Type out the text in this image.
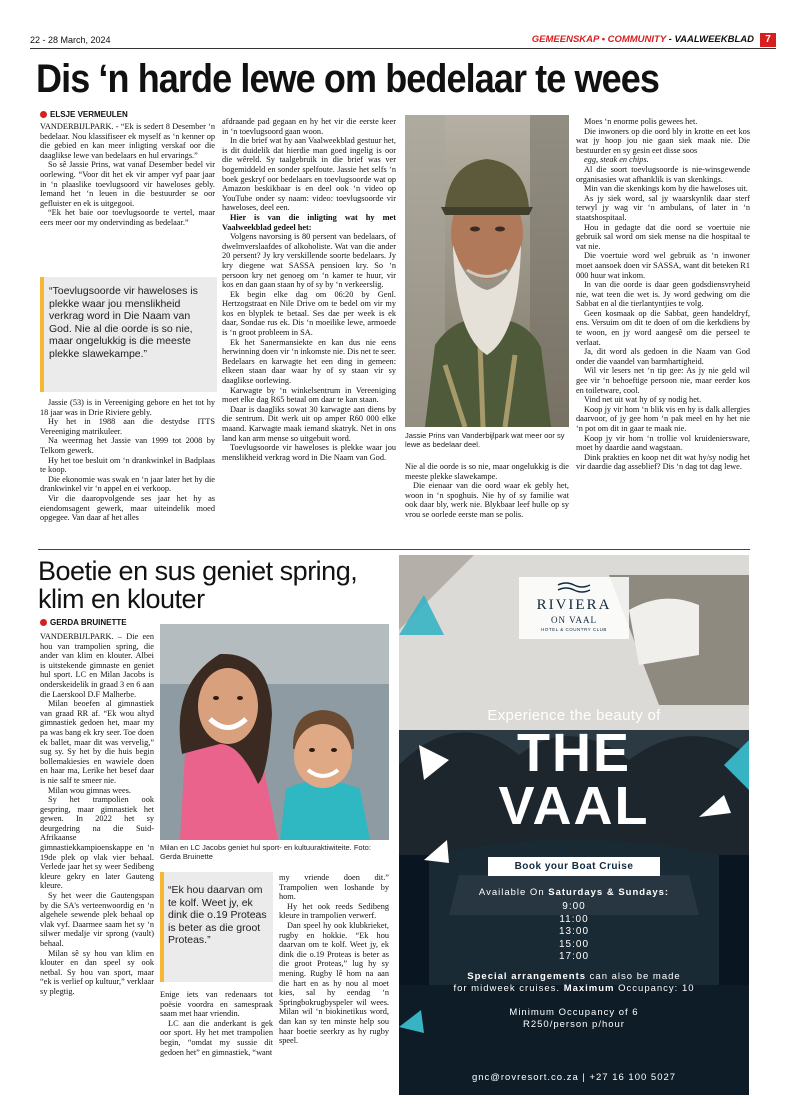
22 - 28 March, 2024	GEMEENSKAP • COMMUNITY - VAALWEEKBLAD	7
Dis ‘n harde lewe om bedelaar te wees
ELSJE VERMEULEN

VANDERBIJLPARK. - “Ek is sedert 8 Desember ‘n bedelaar. Nou klassifiseer ek myself as ‘n kenner op die gebied en kan meer inligting verskaf oor die daaglikse lewe van bedelaars en hul ervarings.”

So sê Jassie Prins, wat vanaf Desember bedel vir oorlewing. “Voor dit het ek vir amper vyf paar jaar in ‘n plaaslike toevlugsoord vir haweloses gebly. Iemand het ‘n leuen in die bestuurder se oor gefluister en ek is uitgegooi.

“Ek het baie oor toevlugsoorde te vertel, maar eers meer oor my ondervinding as bedelaar.”

“Toevlugsoorde vir haweloses is plekke waar jou menslikheid verkrag word in Die Naam van God. Nie al die oorde is so nie, maar ongelukkig is die meeste plekke slawekampe.”

Jassie (53) is in Vereeniging gebore en het tot hy 18 jaar was in Drie Riviere gebly.

Hy het in 1988 aan die destydse ITTS Vereeniging matrikuleer.

Na weermag het Jassie van 1999 tot 2008 by Telkom gewerk.

Hy het toe besluit om ‘n drankwinkel in Badplaas te koop.

Die ekonomie was swak en ‘n jaar later het hy die drankwinkel vir ‘n appel en ei verkoop.

Vir die daaropvolgende ses jaar het hy as eiendomsagent gewerk, maar uiteindelik moed opgegee. Van daar af het alles

afdraande pad gegaan en hy het vir die eerste keer in ‘n toevlugsoord gaan woon.

In die brief wat hy aan Vaalweekblad gestuur het, is dit duidelik dat hierdie man goed ingelig is oor die wêreld. Sy taalgebruik in die brief was ver bogemiddeld en sonder spelfoute. Jassie het selfs ‘n boek geskryf oor bedelaars en toevlugsoorde wat op Amazon beskikbaar is en deel ook ‘n video op YouTube onder sy naam: video: toevlugsoorde vir haweloses, deel een.

Hier is van die inligting wat hy met Vaalweekblad gedeel het:

Volgens navorsing is 80 persent van bedelaars, of dwelmverslaafdes of alkoholiste. Wat van die ander 20 persent? Jy kry verskillende soorte bedelaars. Jy kry diegene wat SASSA pensioen kry. So ‘n persoon kry net genoeg om ‘n kamer te huur, vir kos en dan gaan staan hy of sy by ‘n verkeerslig.

Ek begin elke dag om 06:20 by Genl. Hertzogstraat en Nile Drive om te bedel om vir my kos en blyplek te betaal. Ses dae per week is ek daar, Sondae rus ek. Dis ‘n moeilike lewe, armoede is ‘n groot probleem in SA.

Ek het Sanermansiekte en kan dus nie eens herwinning doen vir ‘n inkomste nie. Dis net te seer. Bedelaars en karwagte het een ding in gemeen: elkeen staan daar waar hy of sy staan vir sy daaglikse oorlewing.

Karwagte by ‘n winkelsentrum in Vereeniging moet elke dag R65 betaal om daar te kan staan.

Daar is daagliks sowat 30 karwagte aan diens by die sentrum. Dit werk uit op amper R60 000 elke maand. Karwagte maak iemand skatryk. Net in ons land kan arm mense so uitgebuit word.

Toevlugsoorde vir haweloses is plekke waar jou menslikheid verkrag word in Die Naam van God.

Jassie Prins van Vanderbijlpark wat meer oor sy lewe as bedelaar deel.

Nie al die oorde is so nie, maar ongelukkig is die meeste plekke slawekampe.

Die eienaar van die oord waar ek gebly het, woon in ‘n spoghuis. Nie hy of sy familie wat ook daar bly, werk nie. Blykbaar leef hulle op sy vrou se oorlede eerste man se polis.

Moes ‘n enorme polis gewees het.

Die inwoners op die oord bly in krotte en eet kos wat jy hoop jou nie gaan siek maak nie. Die bestuurder en sy gesin eet disse soos

egg, steak en chips.

Al die soort toevlugsoorde is nie-winsgewende organisasies wat afhanklik is van skenkings.

Min van die skenkings kom by die haweloses uit.

As jy siek word, sal jy waarskynlik daar sterf terwyl jy wag vir ‘n ambulans, of later in ‘n staatshospitaal.

Hou in gedagte dat die oord se voertuie nie gebruik sal word om siek mense na die hospitaal te vat nie.

Die voertuie word wel gebruik as ‘n inwoner moet aansoek doen vir SASSA, want dit beteken R1 000 huur wat inkom.

In van die oorde is daar geen godsdiensvryheid nie, wat teen die wet is. Jy word gedwing om die Sabbat en al die tierlantyntjies te volg.

Geen kosmaak op die Sabbat, geen handeldryf, ens. Versuim om dit te doen of om die kerkdiens by te woon, en jy word aangesê om die perseel te verlaat.

Ja, dit word als gedoen in die Naam van God onder die vaandel van barmhartigheid.

Wil vir lesers net ‘n tip gee: As jy nie geld wil gee vir ‘n behoeftige persoon nie, maar eerder kos en toiletware, cool.

Vind net uit wat hy of sy nodig het.

Koop jy vir hom ‘n blik vis en hy is dalk allergies daarvoor, of jy gee hom ‘n pak meel en hy het nie ‘n pot om dit in gaar te maak nie.

Koop jy vir hom ‘n trollie vol kruideniersware, moet hy daardie aand wagstaan.

Dink prakties en koop net dit wat hy/sy nodig het vir daardie dag asseblief? Dis ‘n dag tot dag lewe.

Boetie en sus geniet spring, klim en klouter
GERDA BRUINETTE

VANDERBIJLPARK. – Die een hou van trampolien spring, die ander van klim en klouter. Albei is uitstekende gimnaste en geniet hul sport. LC en Milan Jacobs is onderskeidelik in graad 3 en 6 aan die Laerskool D.F Malherbe.

Milan beoefen al gimnastiek van graad RR af. “Ek wou altyd gimnastiek gedoen het, maar my pa was bang ek kry seer. Toe doen ek ballet, maar dit was vervelig,” sug sy. Sy het by die huis begin bollemakiesies en wawiele doen en haar ma, Lerike het besef daar is nie salf te smeer nie.

Milan wou gimnas wees.

Sy het trampolien ook gespring, maar gimnastiek het gewen. In 2022 het sy deurgedring na die Suid-Afrikaanse gimnastiekkampioenskappe en ‘n 19de plek op vlak vier behaal. Verlede jaar het sy weer Sedibeng kleure gekry en later Gauteng kleure.

Sy het weer die Gautengspan by die SA's verteenwoordig en ‘n algehele sewende plek behaal op vlak vyf. Daarmee saam het sy ‘n silwer medalje vir sprong (vault) behaal.

Milan sê sy hou van klim en klouter en dan speel sy ook netbal. Sy hou van sport, maar “ek is verlief op kultuur,” verklaar sy plegtig.

Milan en LC Jacobs geniet hul sport- en kultuuraktiwiteite. Foto: Gerda Bruinette
“Ek hou daarvan om te kolf. Weet jy, ek dink die o.19 Proteas is beter as die groot Proteas.”

Enige iets van redenaars tot poësie voordra en samespraak saam met haar vriendin.

LC aan die anderkant is gek oor sport. Hy het met trampolien begin, “omdat my sussie dit gedoen het” en gimnastiek, “want

my vriende doen dit.” Trampolien wen loshande by hom.

Hy het ook reeds Sedibeng kleure in trampolien verwerf.

Dan speel hy ook klubkrieket, rugby en hokkie. “Ek hou daarvan om te kolf. Weet jy, ek dink die o.19 Proteas is beter as die groot Proteas,” lug hy sy mening. Rugby lê hom na aan die hart en as hy nou al moet kies, sal hy eendag ‘n Springbokrugbyspeler wil wees. Milan wil ‘n biokinetikus word, dan kan sy ten minste help sou haar boetie seerkry as hy rugby speel.

RIVIERA
ON VAAL
HOTEL & COUNTRY CLUB
Experience the beauty of
THE
VAAL
Book your Boat Cruise
Available On Saturdays & Sundays:
9:00
11:00
13:00
15:00
17:00
Special arrangements can also be made
for midweek cruises. Maximum Occupancy: 10
Minimum Occupancy of 6
R250/person p/hour
gnc@rovresort.co.za | +27 16 100 5027
